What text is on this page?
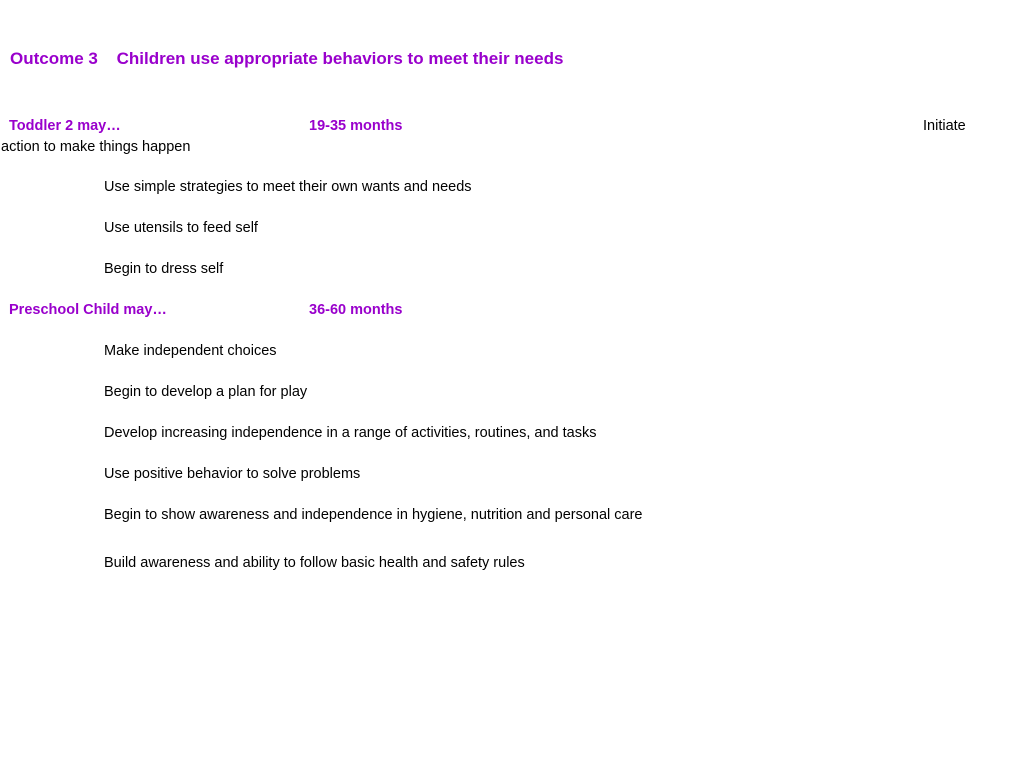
Outcome 3 Children use appropriate behaviors to meet their needs
Toddler 2 may…	19-35 months	Initiate
action to make things happen
Use simple strategies to meet their own wants and needs
Use utensils to feed self
Begin to dress self
Preschool Child may…	36-60 months
Make independent choices
Begin to develop a plan for play
Develop increasing independence in a range of activities, routines, and tasks
Use positive behavior to solve problems
Begin to show awareness and independence in hygiene, nutrition and personal care
Build awareness and ability to follow basic health and safety rules
